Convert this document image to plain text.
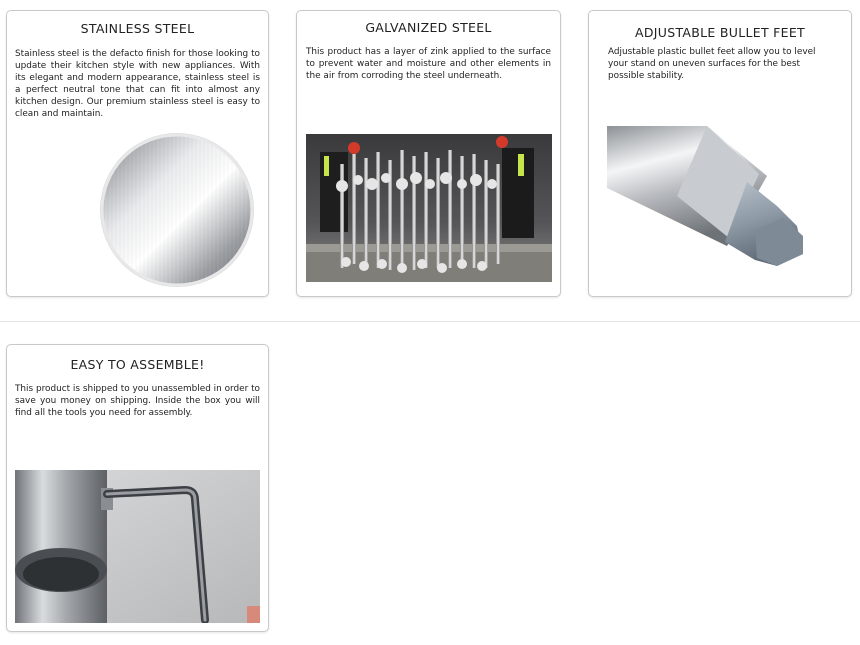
STAINLESS STEEL

Stainless steel is the defacto finish for those looking to update their kitchen style with new appliances. With its elegant and modern appearance, stainless steel is a perfect neutral tone that can fit into almost any kitchen design. Our premium stainless steel is easy to clean and maintain.

GALVANIZED STEEL

This product has a layer of zink applied to the surface to prevent water and moisture and other elements in the air from corroding the steel underneath.

ADJUSTABLE BULLET FEET

Adjustable plastic bullet feet allow you to level your stand on uneven surfaces for the best possible stability.

EASY TO ASSEMBLE!

This product is shipped to you unassembled in order to save you money on shipping. Inside the box you will find all the tools you need for assembly.
